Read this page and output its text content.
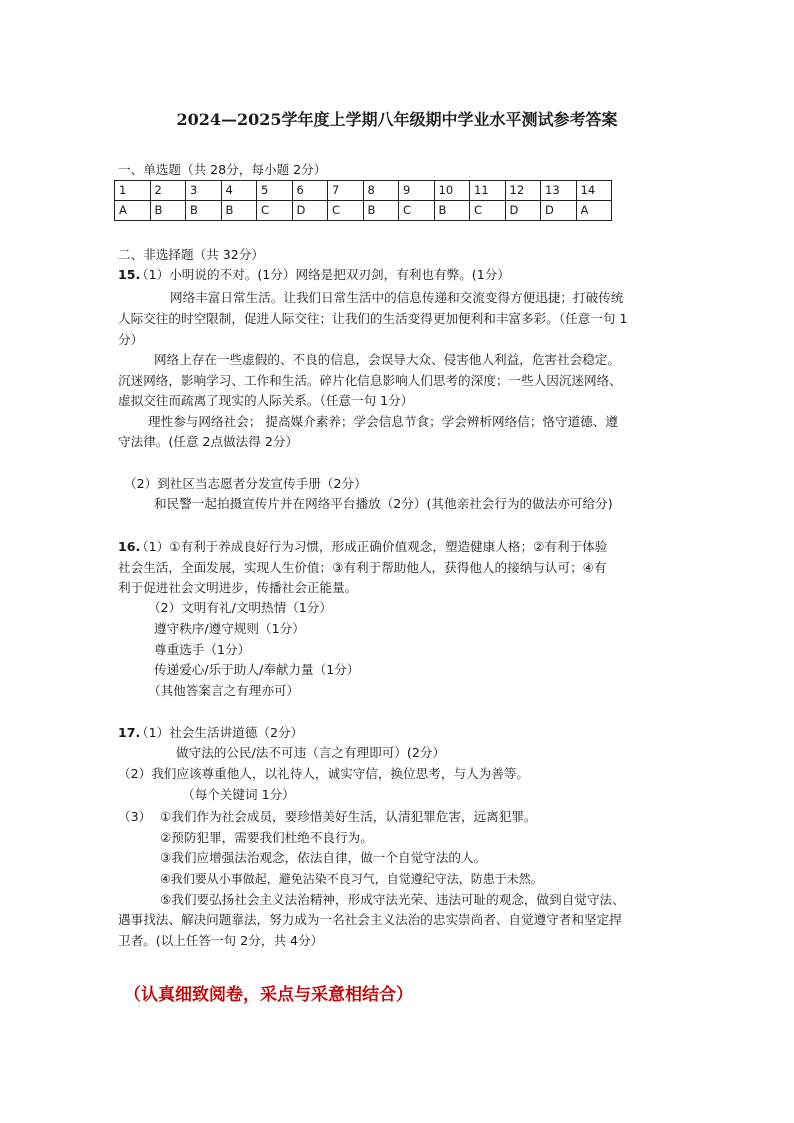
2024—2025学年度上学期八年级期中学业水平测试参考答案
一、单选题（共 28分，每小题 2分）
1	2	3	4	5	6	7	8	9	10	11	12	13	14
A	B	B	B	C	D	C	B	C	B	C	D	D	A
二、非选择题（共 32分）
15.
（1）小明说的不对。(1分）网络是把双刃剑，有利也有弊。(1分）
网络丰富日常生活。让我们日常生活中的信息传递和交流变得方便迅捷；打破传统
人际交往的时空限制，促进人际交往；让我们的生活变得更加便利和丰富多彩。（任意一句 1
分）
网络上存在一些虚假的、不良的信息，会误导大众、侵害他人利益，危害社会稳定。
沉迷网络，影响学习、工作和生活。碎片化信息影响人们思考的深度；一些人因沉迷网络、
虚拟交往而疏离了现实的人际关系。（任意一句 1分）
理性参与网络社会； 提高媒介素养；学会信息节食；学会辨析网络信；恪守道德、遵
守法律。(任意 2点做法得 2分）
（2）到社区当志愿者分发宣传手册（2分）
和民警一起拍摄宣传片并在网络平台播放（2分）(其他亲社会行为的做法亦可给分)
16.
（1）①有利于养成良好行为习惯，形成正确价值观念，塑造健康人格；②有利于体验
社会生活，全面发展，实现人生价值；③有利于帮助他人，获得他人的接纳与认可；④有
利于促进社会文明进步，传播社会正能量。
（2）文明有礼/文明热情（1分）
遵守秩序/遵守规则（1分）
尊重选手（1分）
传递爱心/乐于助人/奉献力量（1分）
（其他答案言之有理亦可）
17.
（1）社会生活讲道德（2分）
做守法的公民/法不可违（言之有理即可）(2分）
（2）我们应该尊重他人，以礼待人，诚实守信，换位思考，与人为善等。
（每个关键词 1分）
（3） ①我们作为社会成员，要珍惜美好生活，认清犯罪危害，远离犯罪。
②预防犯罪，需要我们杜绝不良行为。
③我们应增强法治观念，依法自律，做一个自觉守法的人。
④我们要从小事做起，避免沾染不良习气，自觉遵纪守法，防患于未然。
⑤我们要弘扬社会主义法治精神，形成守法光荣、违法可耻的观念，做到自觉守法、
遇事找法、解决问题靠法，努力成为一名社会主义法治的忠实崇尚者、自觉遵守者和坚定捍
卫者。(以上任答一句 2分，共 4分）
（认真细致阅卷，采点与采意相结合）
